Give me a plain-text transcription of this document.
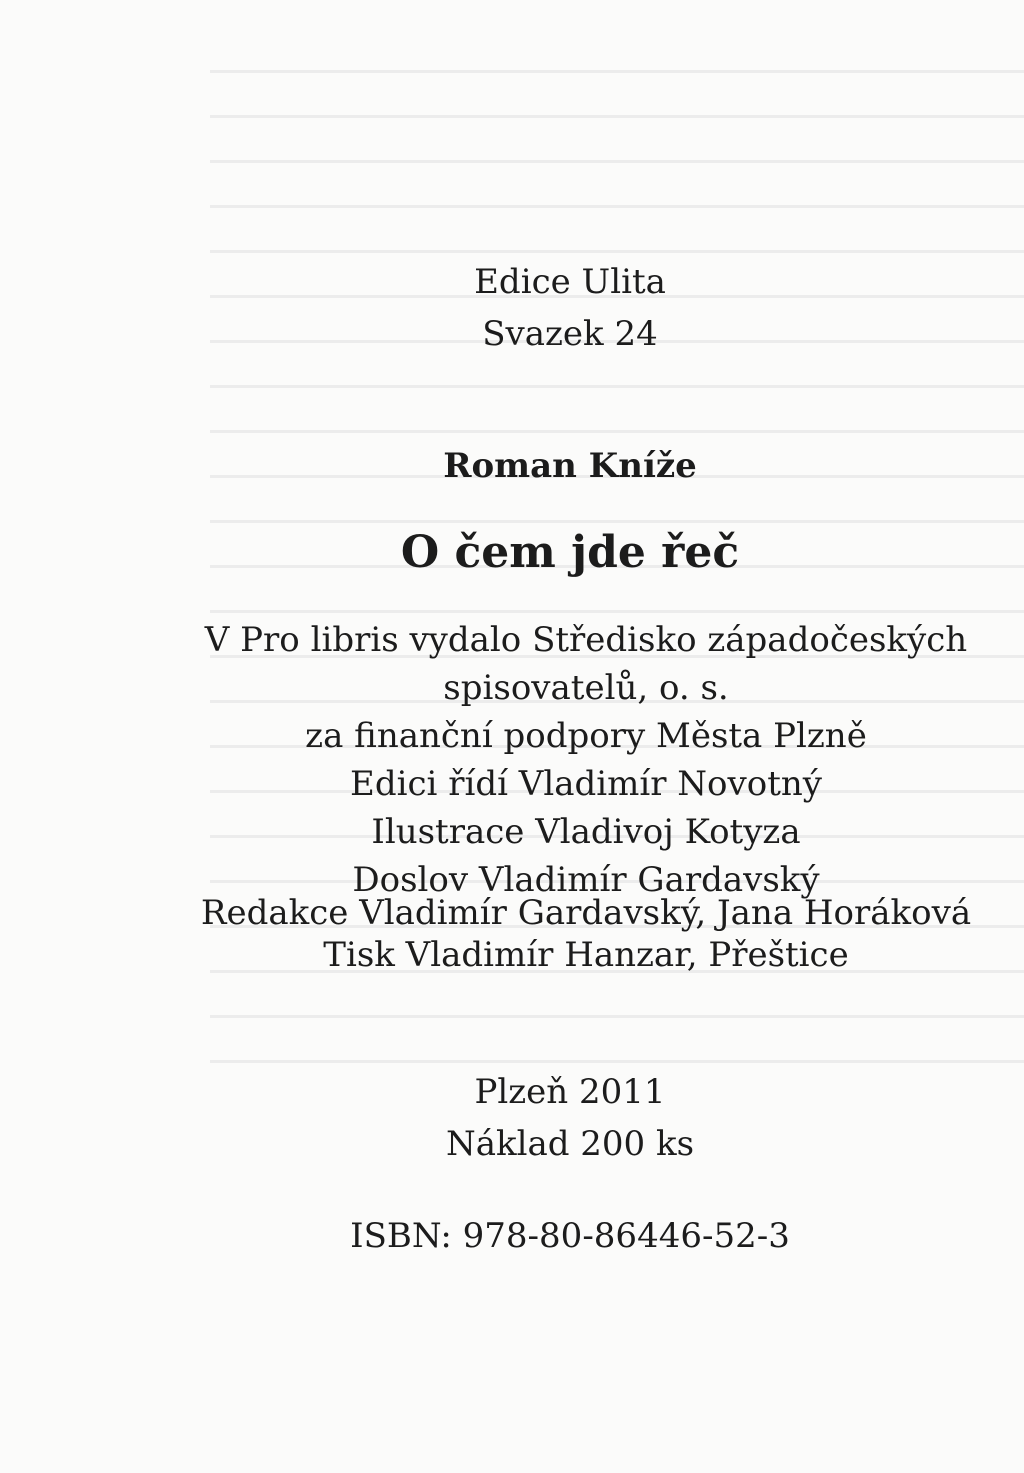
Edice Ulita
Svazek 24
Roman Kníže
O čem jde řeč
V Pro libris vydalo Středisko západočeských
spisovatelů, o. s.
za finanční podpory Města Plzně
Edici řídí Vladimír Novotný
Ilustrace Vladivoj Kotyza
Doslov Vladimír Gardavský
Redakce Vladimír Gardavský, Jana Horáková
Tisk Vladimír Hanzar, Přeštice
Plzeň 2011
Náklad 200 ks
ISBN: 978-80-86446-52-3
